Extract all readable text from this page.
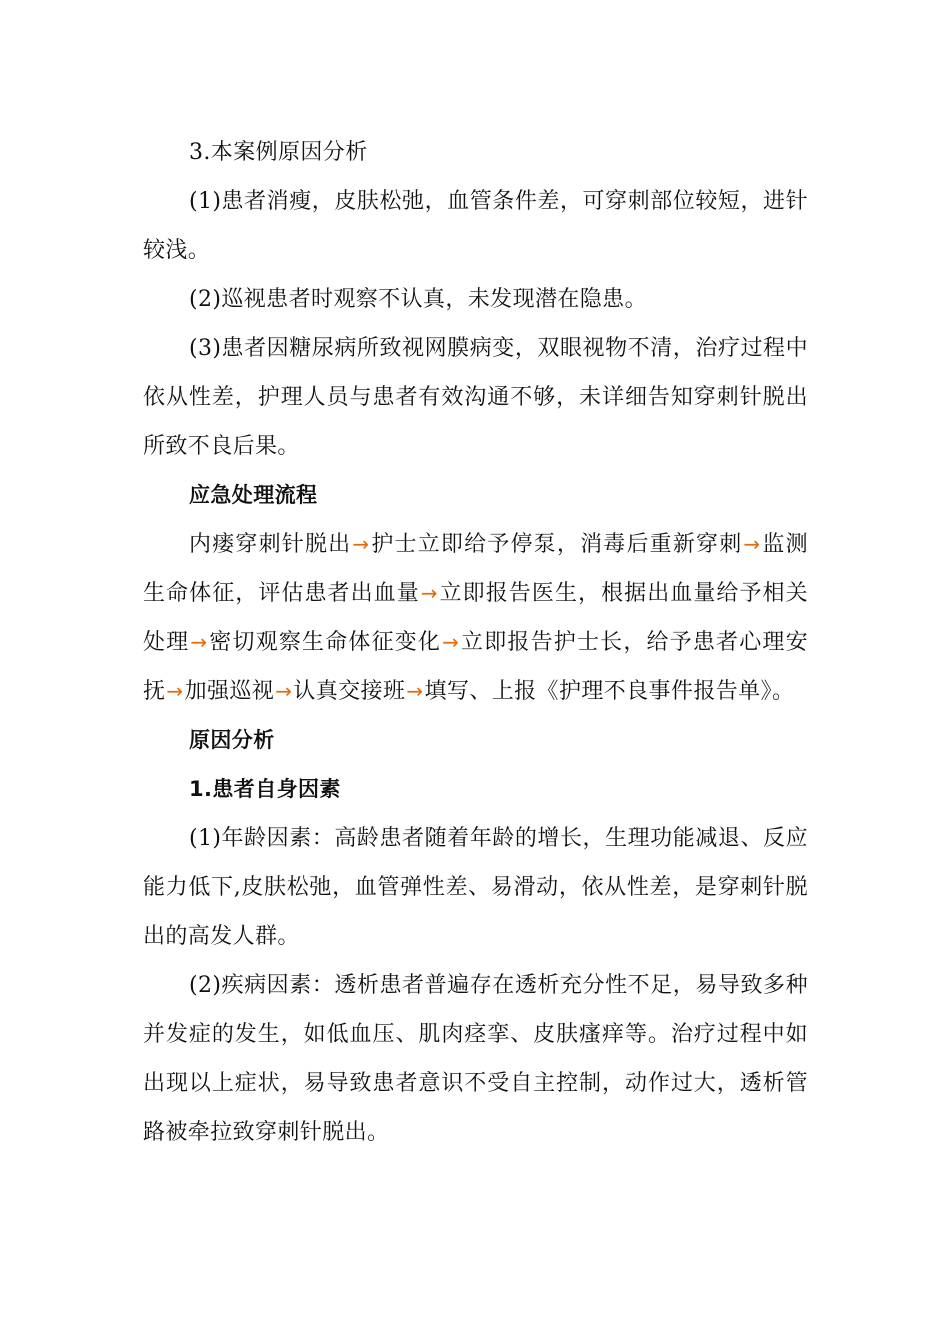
3.本案例原因分析

(1)患者消瘦，皮肤松弛，血管条件差，可穿刺部位较短，进针较浅。

(2)巡视患者时观察不认真，未发现潜在隐患。

(3)患者因糖尿病所致视网膜病变，双眼视物不清，治疗过程中依从性差，护理人员与患者有效沟通不够，未详细告知穿刺针脱出所致不良后果。

应急处理流程

内瘘穿刺针脱出→护士立即给予停泵，消毒后重新穿刺→监测生命体征，评估患者出血量→立即报告医生，根据出血量给予相关处理→密切观察生命体征变化→立即报告护士长，给予患者心理安抚→加强巡视→认真交接班→填写、上报《护理不良事件报告单》。

原因分析

1.患者自身因素

(1)年龄因素：高龄患者随着年龄的增长，生理功能减退、反应能力低下,皮肤松弛，血管弹性差、易滑动，依从性差，是穿刺针脱出的高发人群。

(2)疾病因素：透析患者普遍存在透析充分性不足，易导致多种并发症的发生，如低血压、肌肉痉挛、皮肤瘙痒等。治疗过程中如出现以上症状，易导致患者意识不受自主控制，动作过大，透析管路被牵拉致穿刺针脱出。
